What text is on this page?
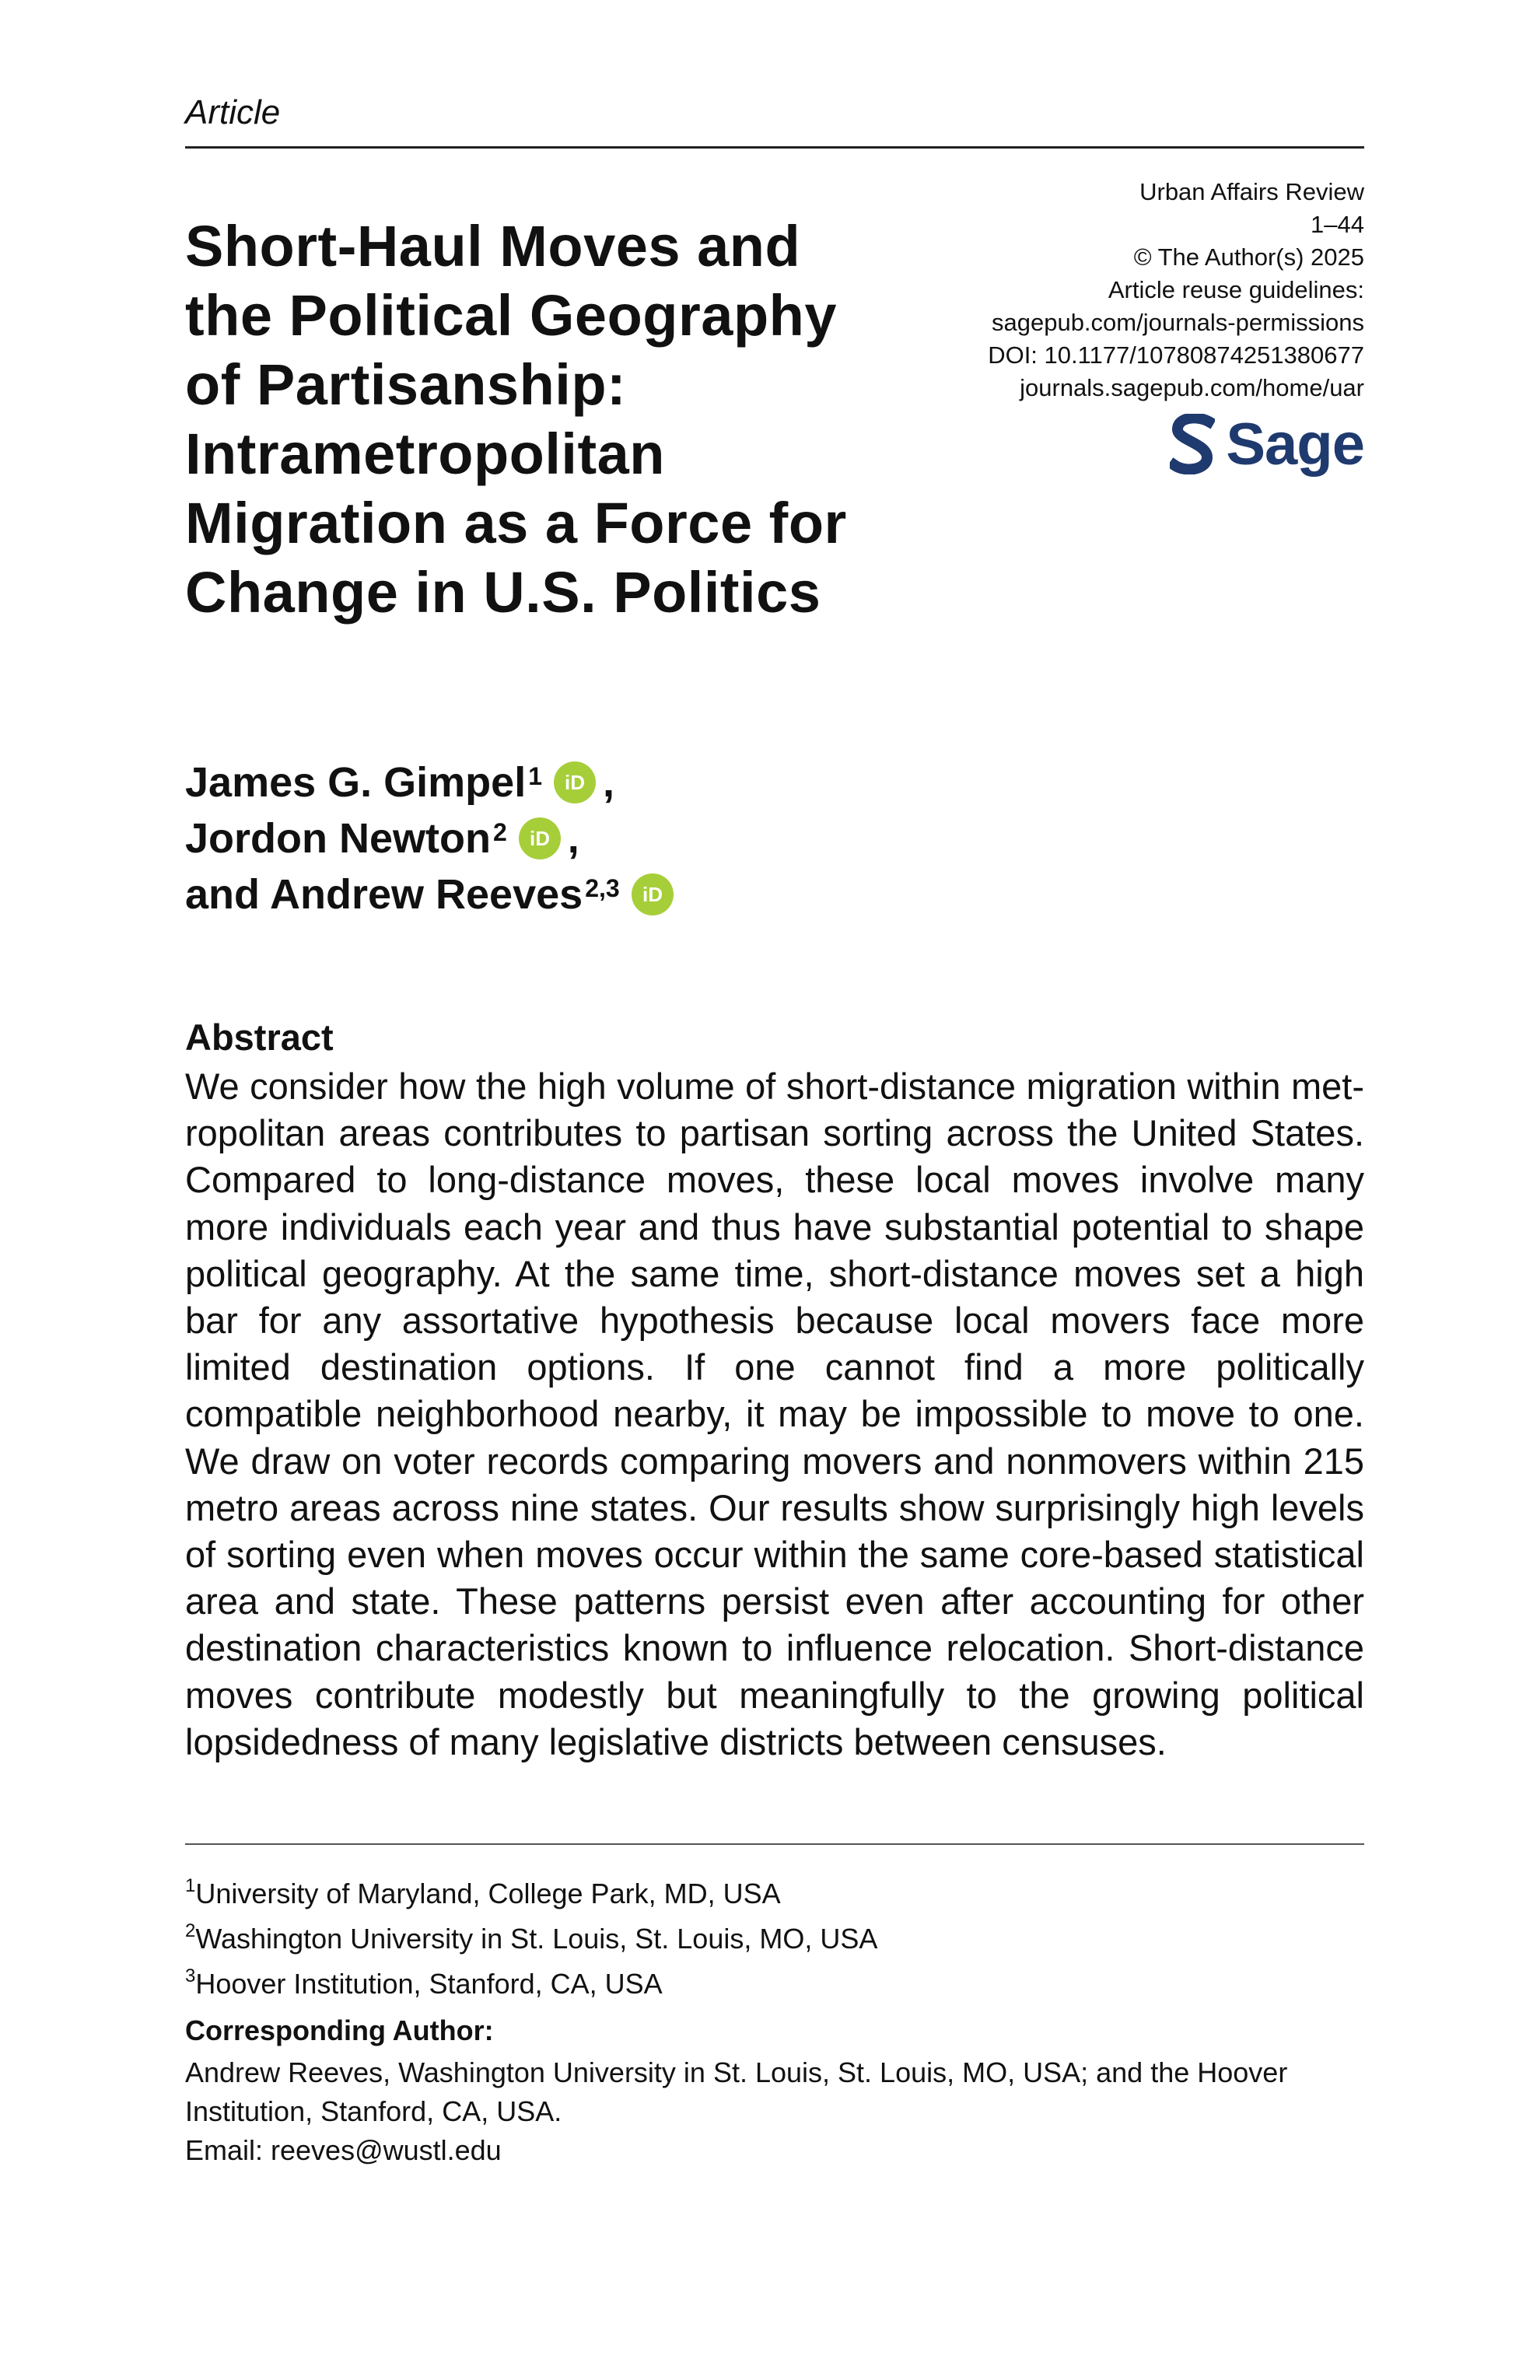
Article
Short-Haul Moves and
the Political Geography
of Partisanship:
Intrametropolitan
Migration as a Force for
Change in U.S. Politics
Urban Affairs Review
1–44
© The Author(s) 2025
Article reuse guidelines:
sagepub.com/journals-permissions
DOI: 10.1177/10780874251380677
journals.sagepub.com/home/uar
Sage
James G. Gimpel$^1$ iD ,
Jordon Newton$^2$ iD ,
and Andrew Reeves$^{2,3}$ iD
Abstract

We consider how the high volume of short-distance migration within metropolitan areas contributes to partisan sorting across the United States. Compared to long-distance moves, these local moves involve many more individuals each year and thus have substantial potential to shape political geography. At the same time, short-distance moves set a high bar for any assortative hypothesis because local movers face more limited destination options. If one cannot find a more politically compatible neighborhood nearby, it may be impossible to move to one. We draw on voter records comparing movers and nonmovers within 215 metro areas across nine states. Our results show surprisingly high levels of sorting even when moves occur within the same core-based statistical area and state. These patterns persist even after accounting for other destination characteristics known to influence relocation. Short-distance moves contribute modestly but meaningfully to the growing political lopsidedness of many legislative districts between censuses.

$^1$University of Maryland, College Park, MD, USA
$^2$Washington University in St. Louis, St. Louis, MO, USA
$^3$Hoover Institution, Stanford, CA, USA
Corresponding Author:
Andrew Reeves, Washington University in St. Louis, St. Louis, MO, USA; and the Hoover
Institution, Stanford, CA, USA.
Email: reeves@wustl.edu
